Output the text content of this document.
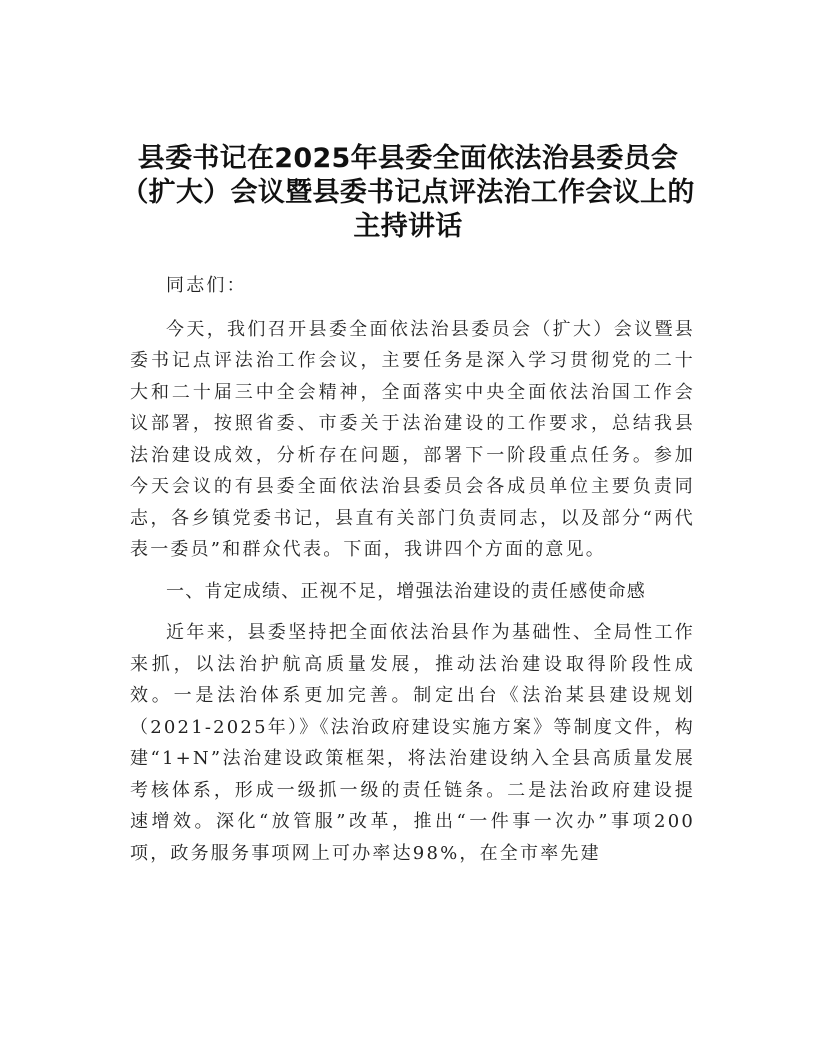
县委书记在2025年县委全面依法治县委员会（扩大）会议暨县委书记点评法治工作会议上的主持讲话

同志们：

今天，我们召开县委全面依法治县委员会（扩大）会议暨县委书记点评法治工作会议，主要任务是深入学习贯彻党的二十大和二十届三中全会精神，全面落实中央全面依法治国工作会议部署，按照省委、市委关于法治建设的工作要求，总结我县法治建设成效，分析存在问题，部署下一阶段重点任务。参加今天会议的有县委全面依法治县委员会各成员单位主要负责同志，各乡镇党委书记，县直有关部门负责同志，以及部分“两代表一委员”和群众代表。下面，我讲四个方面的意见。

一、肯定成绩、正视不足，增强法治建设的责任感使命感

近年来，县委坚持把全面依法治县作为基础性、全局性工作来抓，以法治护航高质量发展，推动法治建设取得阶段性成效。一是法治体系更加完善。制定出台《法治某县建设规划（2021-2025年）》《法治政府建设实施方案》等制度文件，构建“1+N”法治建设政策框架，将法治建设纳入全县高质量发展考核体系，形成一级抓一级的责任链条。二是法治政府建设提速增效。深化“放管服”改革，推出“一件事一次办”事项200项，政务服务事项网上可办率达98%，在全市率先建
